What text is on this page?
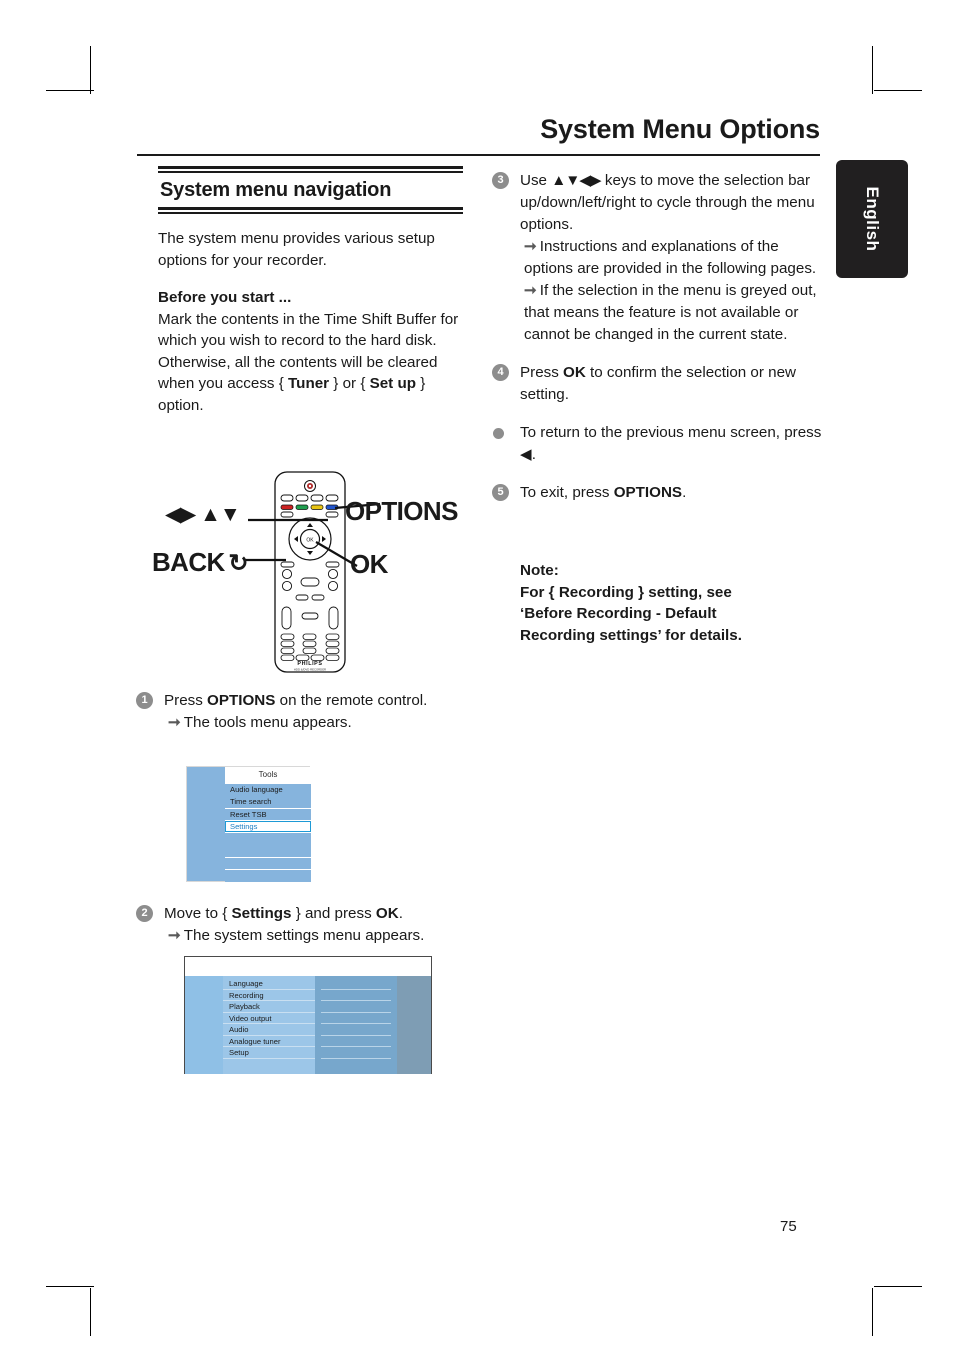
System Menu Options
English
System menu navigation

The system menu provides various setup options for your recorder.

Before you start ...
Mark the contents in the Time Shift Buffer for which you wish to record to the hard disk. Otherwise, all the contents will be cleared when you access { Tuner } or { Set up } option.

OK
PHILIPS
HDD &/DVD RECORDER
◀▶ ▲▼	OPTIONS
BACK ↺	OK
1	Press OPTIONS on the remote control.
➞ The tools menu appears.
Tools
Audio language
Time search
Reset TSB
Settings
2	Move to { Settings } and press OK.
➞ The system settings menu appears.
Language
Recording
Playback
Video output
Audio
Analogue tuner
Setup
3	Use ▲▼◀▶ keys to move the selection bar up/down/left/right to cycle through the menu options.
➞ Instructions and explanations of the options are provided in the following pages.
➞ If the selection in the menu is greyed out, that means the feature is not available or cannot be changed in the current state.
4	Press OK to confirm the selection or new setting.
To return to the previous menu screen, press ◀.
5	To exit, press OPTIONS.
Note:
For { Recording } setting, see
‘Before Recording - Default
Recording settings’ for details.
75
